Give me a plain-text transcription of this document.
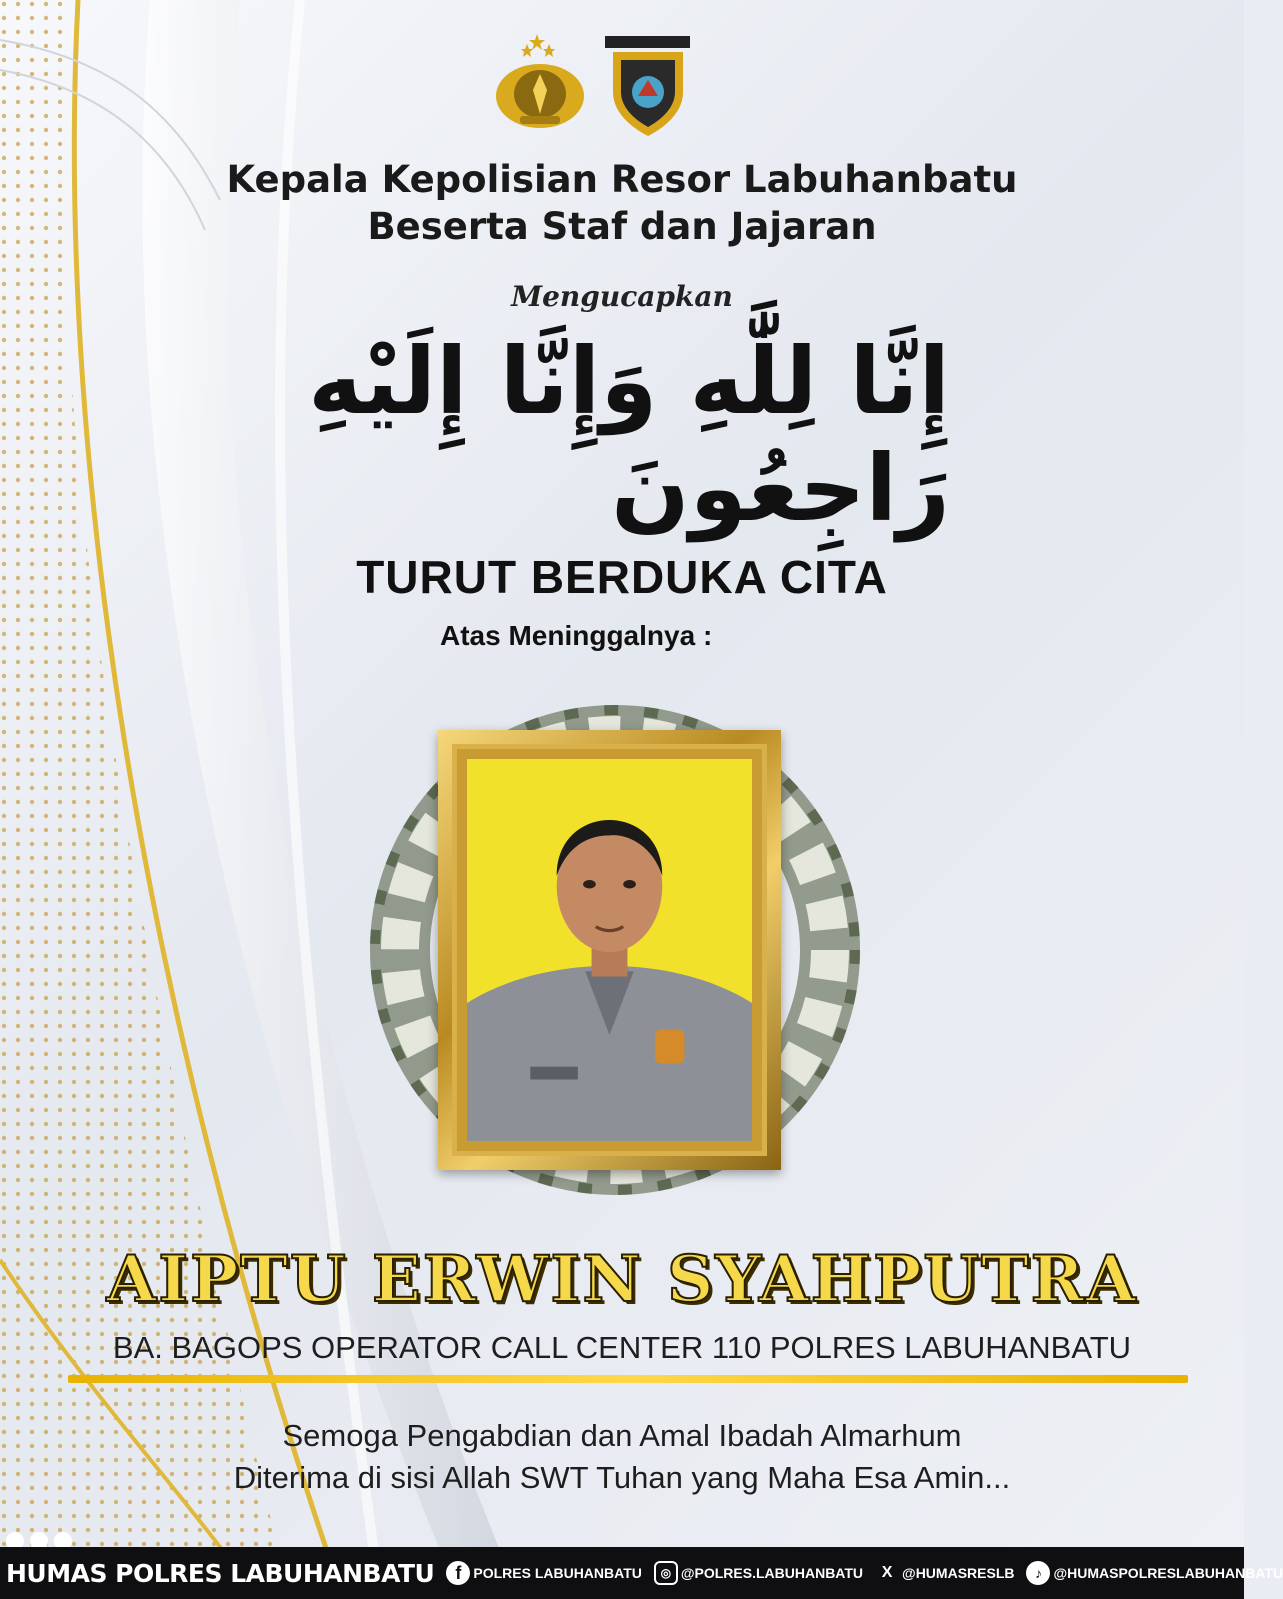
Kepala Kepolisian Resor Labuhanbatu
Beserta Staf dan Jajaran
Mengucapkan
إِنَّا لِلَّٰهِ وَإِنَّا إِلَيْهِ رَاجِعُونَ
TURUT BERDUKA CITA
Atas Meninggalnya :
AIPTU ERWIN SYAHPUTRA
BA. BAGOPS OPERATOR CALL CENTER 110 POLRES LABUHANBATU
Semoga Pengabdian dan Amal Ibadah Almarhum
Diterima di sisi Allah SWT Tuhan yang Maha Esa Amin...
HUMAS POLRES LABUHANBATU	f POLRES LABUHANBATU	◎ @POLRES.LABUHANBATU	X @HUMASRESLB	♪ @HUMASPOLRESLABUHANBATU
